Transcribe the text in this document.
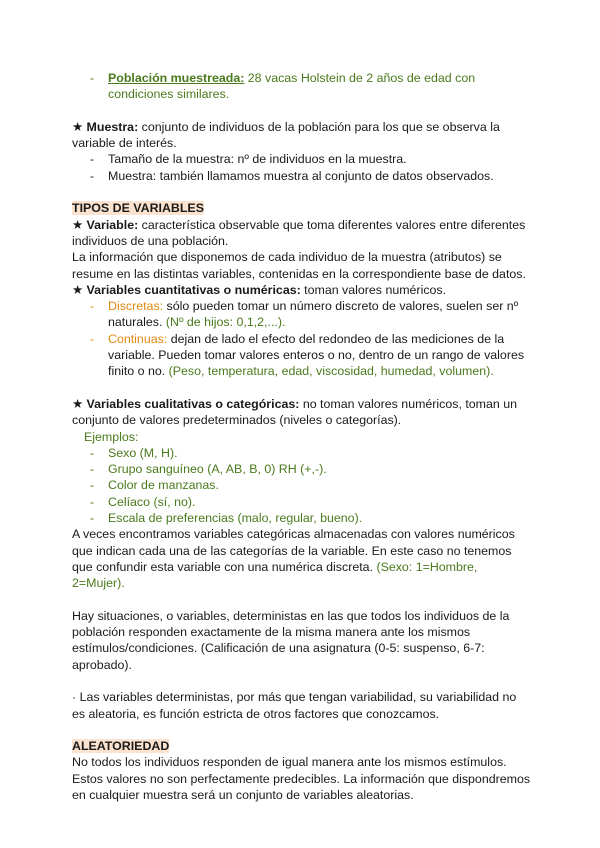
- Población muestreada: 28 vacas Holstein de 2 años de edad con condiciones similares.

★ Muestra: conjunto de individuos de la población para los que se observa la variable de interés.

- Tamaño de la muestra: nº de individuos en la muestra.

- Muestra: también llamamos muestra al conjunto de datos observados.

TIPOS DE VARIABLES

★ Variable: característica observable que toma diferentes valores entre diferentes individuos de una población.

La información que disponemos de cada individuo de la muestra (atributos) se resume en las distintas variables, contenidas en la correspondiente base de datos.

★ Variables cuantitativas o numéricas: toman valores numéricos.

- Discretas: sólo pueden tomar un número discreto de valores, suelen ser nº naturales. (Nº de hijos: 0,1,2,...).

- Continuas: dejan de lado el efecto del redondeo de las mediciones de la variable. Pueden tomar valores enteros o no, dentro de un rango de valores finito o no. (Peso, temperatura, edad, viscosidad, humedad, volumen).

★ Variables cualitativas o categóricas: no toman valores numéricos, toman un conjunto de valores predeterminados (niveles o categorías).

Ejemplos:

- Sexo (M, H).

- Grupo sanguíneo (A, AB, B, 0) RH (+,-).

- Color de manzanas.

- Celíaco (sí, no).

- Escala de preferencias (malo, regular, bueno).

A veces encontramos variables categóricas almacenadas con valores numéricos que indican cada una de las categorías de la variable. En este caso no tenemos que confundir esta variable con una numérica discreta. (Sexo: 1=Hombre, 2=Mujer).

Hay situaciones, o variables, deterministas en las que todos los individuos de la población responden exactamente de la misma manera ante los mismos estímulos/condiciones. (Calificación de una asignatura (0-5: suspenso, 6-7: aprobado).

· Las variables deterministas, por más que tengan variabilidad, su variabilidad no es aleatoria, es función estricta de otros factores que conozcamos.

ALEATORIEDAD

No todos los individuos responden de igual manera ante los mismos estímulos. Estos valores no son perfectamente predecibles. La información que dispondremos en cualquier muestra será un conjunto de variables aleatorias.
